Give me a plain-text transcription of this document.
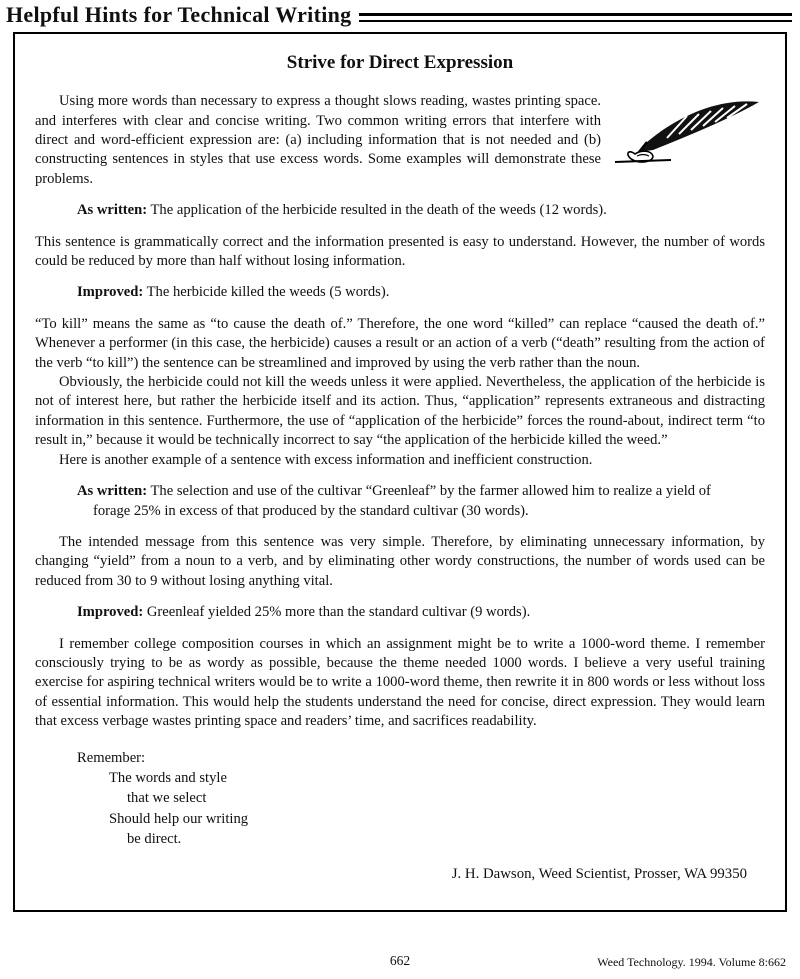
Helpful Hints for Technical Writing
Strive for Direct Expression

Using more words than necessary to express a thought slows reading, wastes printing space. and interferes with clear and concise writing. Two common writing errors that interfere with direct and word-efficient expression are: (a) including information that is not needed and (b) constructing sentences in styles that use excess words. Some examples will demonstrate these problems.

As written: The application of the herbicide resulted in the death of the weeds (12 words).

This sentence is grammatically correct and the information presented is easy to understand. However, the number of words could be reduced by more than half without losing information.

Improved: The herbicide killed the weeds (5 words).

“To kill” means the same as “to cause the death of.” Therefore, the one word “killed” can replace “caused the death of.” Whenever a performer (in this case, the herbicide) causes a result or an action of a verb (“death” resulting from the action of the verb “to kill”) the sentence can be streamlined and improved by using the verb rather than the noun.

Obviously, the herbicide could not kill the weeds unless it were applied. Nevertheless, the application of the herbicide is not of interest here, but rather the herbicide itself and its action. Thus, “application” represents extraneous and distracting information in this sentence. Furthermore, the use of “application of the herbicide” forces the round-about, indirect term “to result in,” because it would be technically incorrect to say “the application of the herbicide killed the weed.”

Here is another example of a sentence with excess information and inefficient construction.

As written: The selection and use of the cultivar “Greenleaf” by the farmer allowed him to realize a yield of forage 25% in excess of that produced by the standard cultivar (30 words).

The intended message from this sentence was very simple. Therefore, by eliminating unnecessary information, by changing “yield” from a noun to a verb, and by eliminating other wordy constructions, the number of words used can be reduced from 30 to 9 without losing anything vital.

Improved: Greenleaf yielded 25% more than the standard cultivar (9 words).

I remember college composition courses in which an assignment might be to write a 1000-word theme. I remember consciously trying to be as wordy as possible, because the theme needed 1000 words. I believe a very useful training exercise for aspiring technical writers would be to write a 1000-word theme, then rewrite it in 800 words or less without loss of essential information. This would help the students understand the need for concise, direct expression. They would learn that excess verbage wastes printing space and readers’ time, and sacrifices readability.

Remember:

The words and style

that we select

Should help our writing

be direct.

J. H. Dawson, Weed Scientist, Prosser, WA 99350
662	Weed Technology. 1994. Volume 8:662
